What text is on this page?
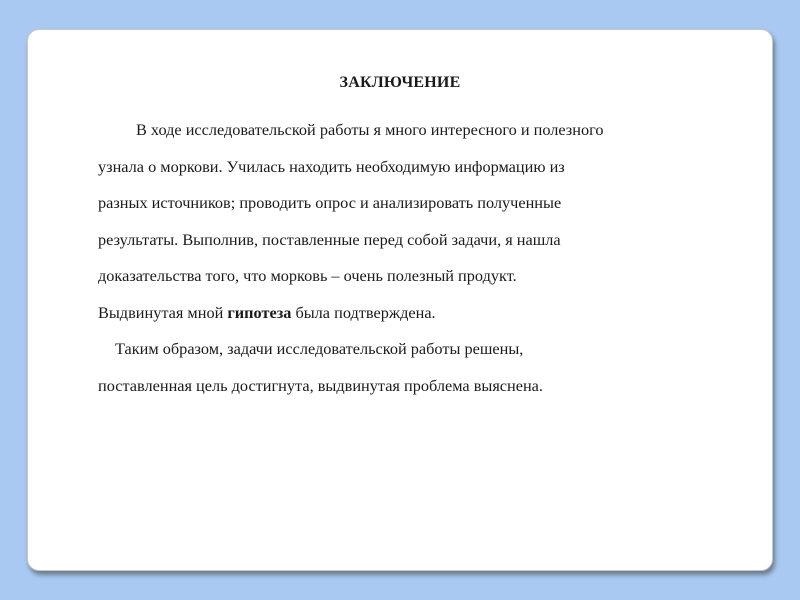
ЗАКЛЮЧЕНИЕ
В ходе исследовательской работы я много интересного и полезного
узнала о моркови. Училась находить необходимую информацию из
разных источников; проводить опрос и анализировать полученные
результаты. Выполнив, поставленные перед собой задачи, я нашла
доказательства того, что морковь – очень полезный продукт.
Выдвинутая мной гипотеза была подтверждена.
Таким образом, задачи исследовательской работы решены,
поставленная цель достигнута, выдвинутая проблема выяснена.
